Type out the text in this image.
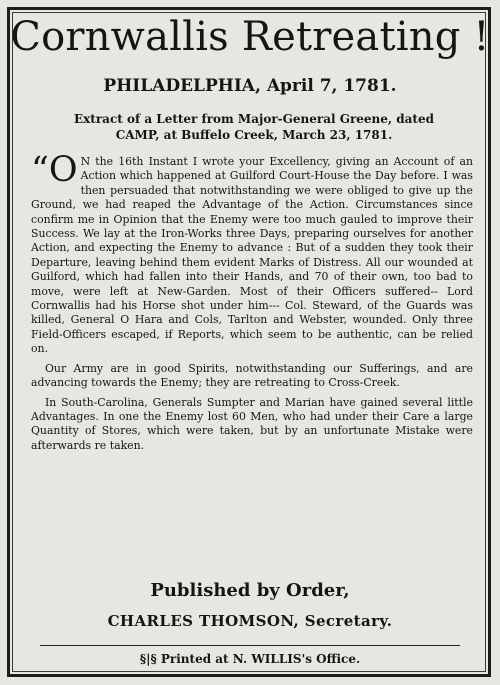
Cornwallis Retreating !
PHILADELPHIA, April 7, 1781.
Extract of a Letter from Major-General Greene, dated
CAMP, at Buffelo Creek, March 23, 1781.

“O N the 16th Instant I wrote your Excellency, giving an Account of an Action which happened at Guilford Court-House the Day before. I was then persuaded that notwithstanding we were obliged to give up the Ground, we had reaped the Advantage of the Action. Circumstances since confirm me in Opinion that the Enemy were too much gauled to improve their Success. We lay at the Iron-Works three Days, preparing ourselves for another Action, and expecting the Enemy to advance : But of a sudden they took their Departure, leaving behind them evident Marks of Distress. All our wounded at Guilford, which had fallen into their Hands, and 70 of their own, too bad to move, were left at New-Garden. Most of their Officers suffered-- Lord Cornwallis had his Horse shot under him--- Col. Steward, of the Guards was killed, General O Hara and Cols, Tarlton and Webster, wounded. Only three Field-Officers escaped, if Reports, which seem to be authentic, can be relied on.

Our Army are in good Spirits, notwithstanding our Sufferings, and are advancing towards the Enemy; they are retreating to Cross-Creek.

In South-Carolina, Generals Sumpter and Marian have gained several little Advantages. In one the Enemy lost 60 Men, who had under their Care a large Quantity of Stores, which were taken, but by an unfortunate Mistake were afterwards re taken.

Published by Order,
CHARLES THOMSON, Secretary.
§|§ Printed at N. WILLIS's Office.
